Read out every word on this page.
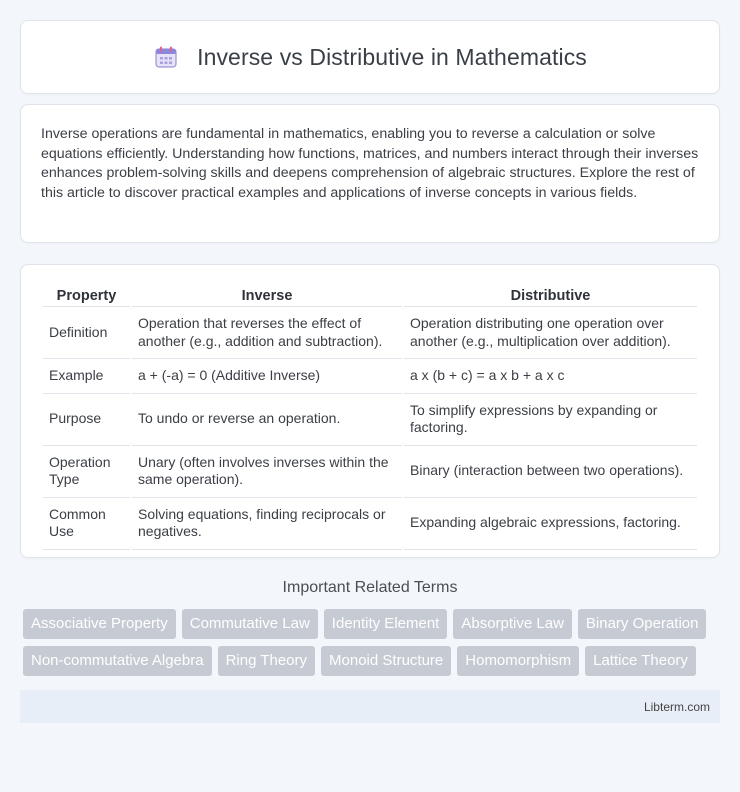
Inverse vs Distributive in Mathematics

Inverse operations are fundamental in mathematics, enabling you to reverse a calculation or solve equations efficiently. Understanding how functions, matrices, and numbers interact through their inverses enhances problem-solving skills and deepens comprehension of algebraic structures. Explore the rest of this article to discover practical examples and applications of inverse concepts in various fields.

Property	Inverse	Distributive
Definition	Operation that reverses the effect of another (e.g., addition and subtraction).	Operation distributing one operation over another (e.g., multiplication over addition).
Example	a + (-a) = 0 (Additive Inverse)	a x (b + c) = a x b + a x c
Purpose	To undo or reverse an operation.	To simplify expressions by expanding or factoring.
Operation Type	Unary (often involves inverses within the same operation).	Binary (interaction between two operations).
Common Use	Solving equations, finding reciprocals or negatives.	Expanding algebraic expressions, factoring.
Important Related Terms
Associative Property	Commutative Law	Identity Element	Absorptive Law	Binary Operation
Non-commutative Algebra	Ring Theory	Monoid Structure	Homomorphism	Lattice Theory
Libterm.com
